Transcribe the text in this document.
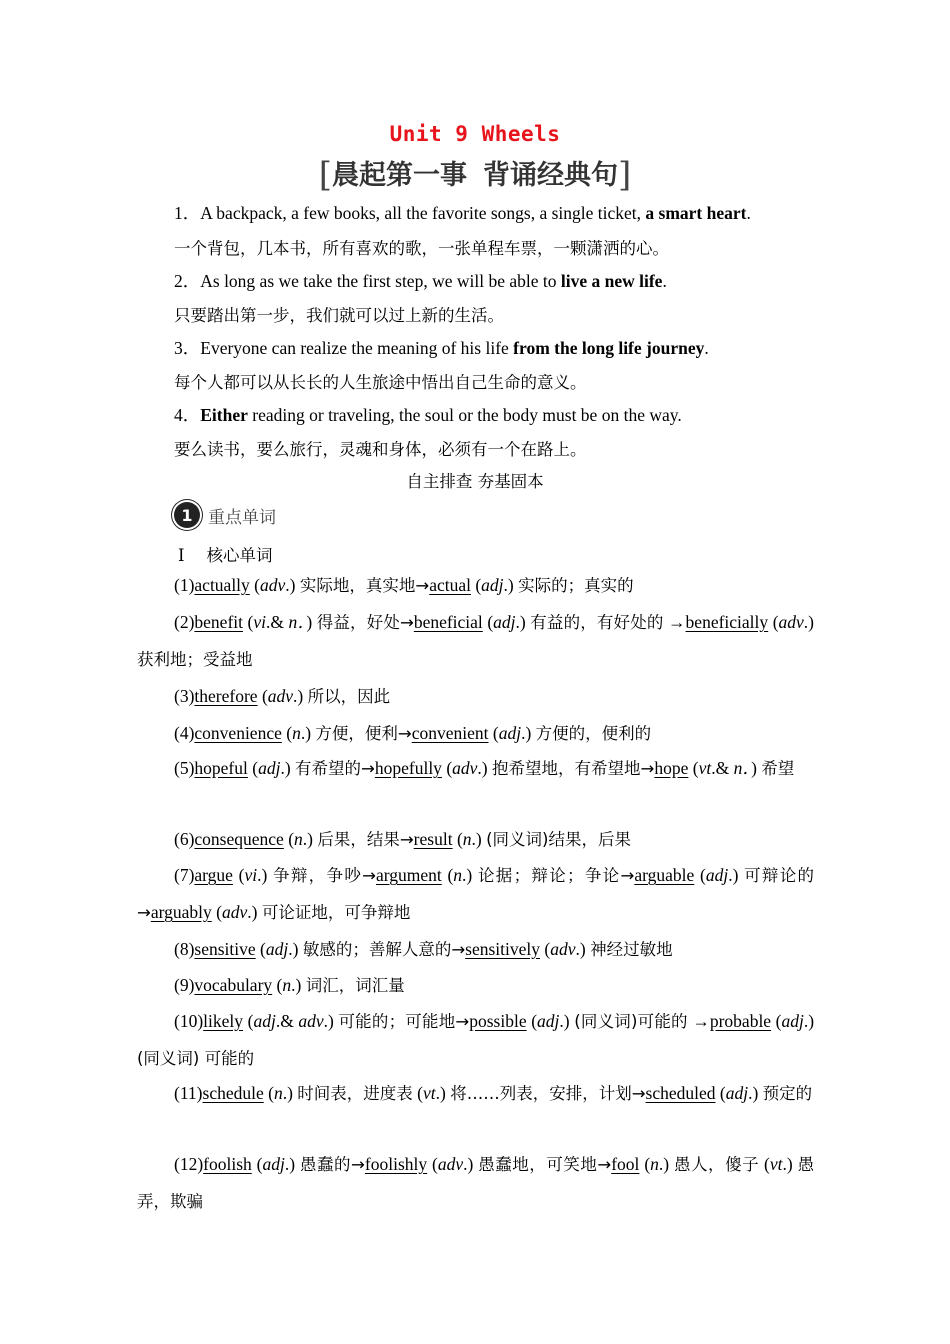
Unit 9 Wheels
[晨起第一事 背诵经典句]
1．A backpack, a few books, all the favorite songs, a single ticket, a smart heart.
一个背包，几本书，所有喜欢的歌，一张单程车票，一颗潇洒的心。
2．As long as we take the first step, we will be able to live a new life.
只要踏出第一步，我们就可以过上新的生活。
3．Everyone can realize the meaning of his life from the long life journey.
每个人都可以从长长的人生旅途中悟出自己生命的意义。
4．Either reading or traveling, the soul or the body must be on the way.
要么读书，要么旅行，灵魂和身体，必须有一个在路上。
自主排查 夯基固本
1 重点单词
Ⅰ 核心单词
(1)actually (adv.) 实际地，真实地→actual (adj.) 实际的；真实的
(2)benefit (vi.& n．) 得益，好处→beneficial (adj.) 有益的，有好处的 →beneficially (adv.) 获利地；受益地
(3)therefore (adv.) 所以，因此
(4)convenience (n.) 方便，便利→convenient (adj.) 方便的，便利的
(5)hopeful (adj.) 有希望的→hopefully (adv.) 抱希望地，有希望地→hope (vt.& n．) 希望
(6)consequence (n.) 后果，结果→result (n.) (同义词)结果，后果
(7)argue (vi.) 争辩，争吵→argument (n.) 论据；辩论；争论→arguable (adj.) 可辩论的→arguably (adv.) 可论证地，可争辩地
(8)sensitive (adj.) 敏感的；善解人意的→sensitively (adv.) 神经过敏地
(9)vocabulary (n.) 词汇，词汇量
(10)likely (adj.& adv.) 可能的；可能地→possible (adj.) (同义词)可能的 →probable (adj.) (同义词) 可能的
(11)schedule (n.) 时间表，进度表 (vt.) 将……列表，安排，计划→scheduled (adj.) 预定的
(12)foolish (adj.) 愚蠢的→foolishly (adv.) 愚蠢地，可笑地→fool (n.) 愚人，傻子 (vt.) 愚弄，欺骗
